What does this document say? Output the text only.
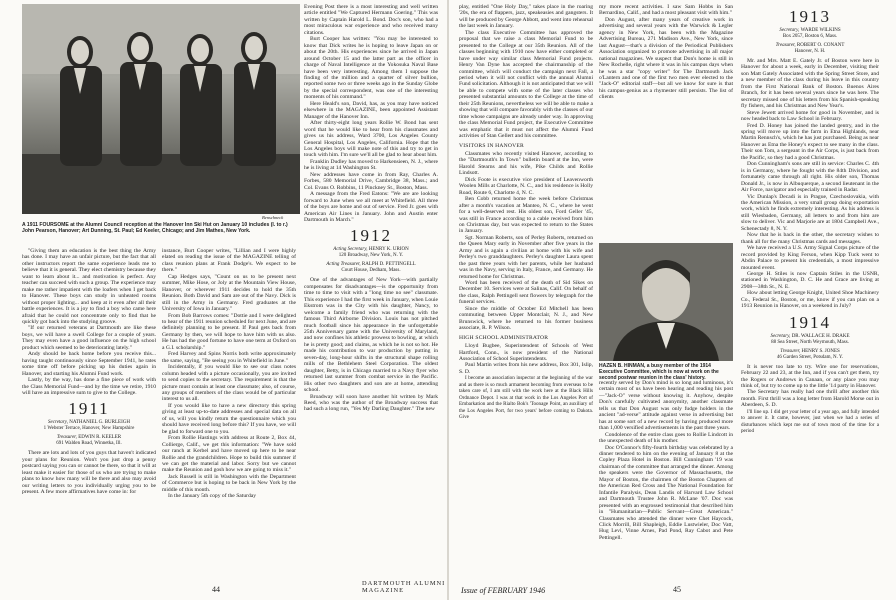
Benschneck
A 1911 FOURSOME at the Alumni Council reception at the Hanover Inn Ski Hut on January 10 includes (l. to r.) John Pearson, Hanover; Art Dunning, St. Paul; Ed Keeler, Chicago; and Jim Mathes, New York.

"Giving them an education is the best thing the Army has done. I may have an unfair picture, but the fact that all other instructors report the same experience leads me to believe that it is general. They elect chemistry because they want to learn about it... and motivation is perfect. Any teacher can succeed with such a group. The experience may make me rather impatient with the loafers when I get back to Hanover. These boys can study in unheated rooms without proper lighting... and keep at it even after all their battle experiences. It is a joy to find a boy who came here afraid that he could not concentrate only to find that he quickly got back into the studying groove.

"If our returned veterans at Dartmouth are like these boys, we will have a swell College for a couple of years. They may even have a good influence on the high school product which seemed to be deteriorating lately."

Andy should be back home before you receive this... having taught continuously since September 1941, he rates some time off before picking up his duties again in Hanover, and starting his Alumni Fund work.

Lastly, by the way, has done a fine piece of work with the Class Memorial Fund—and by the time we retire, 1910 will have an impressive sum to give to the College.

1911
Secretary, NATHANIEL G. BURLEIGH
1 Webster Terrace, Hanover, New Hampshire
Treasurer, EDWIN R. KEELER
691 Walden Road, Winnetka, Ill.

There are lots and lots of you guys that haven't indicated your plans for Reunion. Won't you just drop a penny postcard saying you can or cannot be there, so that it will at least make it easier for those of us who are trying to make plans to know how many will be there and also may avoid our writing letters to you individually urging you to be present. A few more affirmatives have come in: for

instance, Burt Cooper writes, "Lillian and I were highly elated on reading the issue of the MAGAZINE telling of class reunion plans at Frank Dodge's. We expect to be there."

Cap Hedges says, "Count on us to be present next summer, Mike Hose, or Joly at the Mountain View House, Hanover, or wherever 1911 decides to hold the 35th Reunion. Both David and Sam are out of the Navy. Dick is still in the Army in Germany. Fred graduates at the University of Iowa in January."

From Bob Barrows comes: "Dottie and I were delighted to hear of the 1911 reunion scheduled for next June, and are definitely planning to be present. If Paul gets back from Germany by then, we will hope to have him with us also. He has had the good fortune to have one term at Oxford on a G.I. scholarship."

Fred Harvey and Spins Norris both write approximately the same, saying, "Be seeing you in Whitefield in June."

Incidentally, if you would like to see our class notes column headed with a picture occasionally, you are invited to send copies to the secretary. The requirement is that the picture must contain at least one classmate; also, of course, any groups of members of the class would be of particular interest to us all.

If you would like to have a new directory this spring giving at least up-to-date addresses and special data on all of us, will you kindly return the questionnaire which you should have received long before this? If you have, we will be glad to forward one to you.

From Rollie Hastings with address at Route 2, Box 44, Collierge, Calif., we get this information: "We have sold our ranch at Kerbel and have moved up here to be near Rollie and the grandchildren. Hope to build this summer if we can get the material and labor. Sorry but we cannot make the Reunion and gosh how we are going to miss it."

Jack Russell is still in Washington with the Department of Commerce but is hoping to be back in New York by the middle of this month.

In the January 5th copy of the Saturday

Evening Post there is a most interesting and well written article entitled "We Captured Hermann Goering." This was written by Captain Harold L. Bond. Doc's son, who had a most miraculous war experience and who received many citations.

Burt Cooper has written: "You may be interested to know that Dick writes he is hoping to leave Japan on or about the 20th. His experiences since he arrived in Japan around October 15 and the latter part as the officer in charge of Naval Intelligence at the Yokosuka Naval Base have been very interesting. Among them I suppose the finding of the million and a quarter of silver bullion, reported some two or three weeks ago in the Sunday Globe by the special correspondent, was one of the interesting moments of his command."

Here Heald's son, David, has, as you may have noticed elsewhere in the MAGAZINE, been appointed Assistant Manager of the Hanover Inn.

After thirty-eight long years Rollie W. Bond has sent word that he would like to hear from his classmates and gives us his address, Ward 3700, Los Angeles County General Hospital, Los Angeles, California. Hope that the Los Angeles boys will make note of this and try to get in touch with him. I'm sure we'll all be glad to hear about him.

Franklin Dudley has moved to Harkensieen, N. J., where he is living at 14 Washington St.

New addresses have come in from Ray, Charles A. Forbes, 580 Memorial Drive, Cambridge 38, Mass.; and Col. Evans O. Robbins, 11 Pinckney St., Boston, Mass.

A message from the Fred Eatons: "We are are looking forward to June when we all meet at Whitefield. All three of the boys are home and out of service. Fred Jr. goes with American Air Lines in January. John and Austin enter Dartmouth in March."

1912
Acting Secretary, HENRY K. URION
120 Broadway, New York, N. Y.
Acting Treasurer, RALPH D. PETTINGELL
Court House, Dedham, Mass.

One of the advantages of New York—with partially compensates for disadvantages—is the opportunity from time to time to visit with a "long time no see" classmate. This experience I had the first week in January, when Louie Ekstrom was in the City with his daughter, Nancy, to welcome a family friend who was returning with the famous Third Airborne Division. Louis has not pitched much football since his appearance in the unforgettable 25th Anniversary game with the University of Maryland, and now confines his athletic prowess to bowling, at which he is pretty good; and claims, as which he is not so hot. He made his contribution to war production by putting in seven-day, long-hour shifts in the structural shape rolling mills of the Bethlehem Steel Corporation. The oldest daughter, Betty, is in Chicago married to a Navy flyer who returned last summer from combat service in the Pacific. His other two daughters and son are at home, attending school.

Broadway will soon have another hit written by Mark Reed, who was the author of the Broadway success that had such a long run, "Yes My Darling Daughter." The new

44
DARTMOUTH ALUMNI MAGAZINE

play, entitled "One Holy Day," takes place in the roaring '20s, the era of flappers, jazz, speakeasies and gangsters. It will be produced by George Abbott, and went into rehearsal the last week in January.

The class Executive Committee has approved the proposal that we raise a class Memorial Fund to be presented to the College at our 35th Reunion. All of the classes beginning with 1910 now have either completed or have under way similar class Memorial Fund projects. Henry Van Dyne has accepted the chairmanship of the committee, which will conduct the campaign next Fall, a period when it will not conflict with the annual Alumni Fund solicitation. Although it is not anticipated that we will be able to compete with some of the later classes who presented substantial amounts to the College at the time of their 25th Reunions, nevertheless we will be able to make a showing that will compare favorably with the classes of our time whose campaigns are already under way. In approving the class Memorial Fund project, the Executive Committee was emphatic that it must not affect the Alumni Fund activities of Stan Gellert and his committee.

VISITORS IN HANOVER

Classmates who recently visited Hanover, according to the "Dartmouth's In Town" bulletin board at the Inn, were Harold Stearns and his wife, Pike Childs and Rollie Lindsott.

Dick Foote is executive vice president of Leavenworth Woolen Mills at Charlotte, N. C., and his residence is Holly Road, Route 6, Charlotte 4, N. C.

Ben Cobb returned home the week before Christmas after a month's vacation at Manteo, N. C., where he went for a well-deserved rest. His oldest son, Ford Geller '45, was still in France according to a cable received from him on Christmas day, but was expected to return to the States in January.

Sgt. Norman Roberts, son of Perley Roberts, returned on the Queen Mary early in November after five years in the Army and is again a civilian at home with his wife and Perley's two granddaughters. Perley's daughter Laura spent the past three years with her parents, while her husband was in the Navy, serving in Italy, France, and Germany. He returned home for Christmas.

Word has been received of the death of Sid Sikes on December 10. Services were at Salinas, Calif. On behalf of the class, Ralph Pettingell sent flowers by telegraph for the funeral services.

Since the middle of October Ed Mitchell has been commuting between Upper Montclair, N. J., and New Brunswick, where he returned to his former business associate, R. P. Wilson.

HIGH SCHOOL ADMINISTRATOR

Lloyd Bugbee, Superintendent of Schools of West Hartford, Conn., is now president of the National Association of School Superintendents.

Paul Martin writes from his new address, Box 301, Islip, S. D.

I become an association inspector at the beginning of the war and as there is so much armament becoming from overseas to be taken care of, I am still with the work here at the Black Hills Ordnance Depot. I was at that work in the Los Angeles Port of Embarkation and the Rialto Bok's 'Toonage Point, an auxiliary of the Los Angeles Port, for two years' before coming to Dakota. Give

my more recent activities. I saw Sam Hobbs in San Bernardino, Calif., and had a most pleasant visit with him."

Don August, after many years of creative work in advertising and several years with the Warwick & Legler agency in New York, has been with the Magazine Advertising Bureau, 271 Madison Ave., New York, since last August—that's a division of the Periodical Publishers Association organized to promote advertising in all major national magazines. We suspect that Don's home is still in New Rochelle, right where it was in his campus days when he was a star "copy writer" for The Dartmouth Jack o'Lantern and one of the first two men ever elected to the "Jack-O" editorial staff—but all we know for sure is that his campus-genius as a rhymester still persists. The list of clients

HAZEN B. HINMAN, a busy member of the 1914 Executive Committee, which is now at work on the second postwar reunion in the class' history.

recently served by Don's mind is so long and luminous, it's certain most of us have been hearing and reading his post—"Jack-O" verse without knowing it. Anyhow, despite Don's carefully cultivated anonymity, another classmate tells us that Don August was only fudge holders in the ancient "ad-verse" attitude against verse in advertising but has at some sort of a new record by having produced more than 1,000 versified advertisements in the past three years.

Condolence of the entire class goes to Rollie Lindcott in the unexpected death of his mother.

Doc O'Connor's fifty-fourth birthday was celebrated by a dinner tendered to him on the evening of January 8 at the Copley Plaza Hotel in Boston. Bill Cunningham '19 was chairman of the committee that arranged the dinner. Among the speakers were the Governor of Massachusetts, the Mayor of Boston, the chairmen of the Boston Chapters of the American Red Cross and The National Foundation for Infantile Paralysis, Dean Landis of Harvard Law School and Dartmouth Trustee John R. McLane '07. Doc was presented with an engrossed testimonial that described him in "Humanitarian—Public Servant—Great American." Classmates who attended the dinner were Chet Haycock, Click Morrill, Bill Shapleigh, Eddie Lustwieler, Doc Vatt, Hug Levi, Vinne Arnes, Pad Pond, Ray Cabot and Pete Pettingell.

1913
Secretary, WARDE WILKINS
Box 2057, Boston 6, Mass.
Treasurer, ROBERT O. CONANT
Hanover, N. H.

Mr. and Mrs. Matt E. Gately Jr. of Boston were here in Hanover for about a week, early in December, visiting their son Matt Gately Associated with the Spring Street Store, and a new member of the class during his leave in this country from the First National Bank of Boston. Buenos Aires Branch, for it has been several years since he was here. The secretary missed one of his letters from his Spanish-speaking fly fishers, and his Christmas and New Year's.

Steve Jewett arrived home for good in November, and is now headed back to Law School in February.

Fred D. Honey has joined the landed gentry, and in the spring will move up into the farm in Etna Highlands, near Martin Rennsch's, which he has just purchased. Being as near Hanover as Etna the Honey's expect to see many in the class. Their son Tom, a sergeant in the Air Corps, is just back from the Pacific, so they had a good Christmas.

Don Cunningham's sons are still in service: Charles C. 4th is in Germany, where he fought with the 84th Division, and fortunately came through all right. His older son, Thomas Donald Jr., is now in Albuquerque, a second lieutenant in the Air Force, navigator and especially trained in Radar.

Vic Dunlap's Decadi is in Prague, Czechoslovakia, with the American Mission, a very small group doing exportation work, which he finds extremely interesting. As his address is still Wiesbaden, Germany, all letters to and from him are slow to deliver. Vic and Marjorie are at 1804 Campbell Ave., Schenectady 8, N. Y.

Now that he is back in the other, the secretary wishes to thank all for the many Christmas cards and messages.

We have received a U.S. Army Signal Corps picture of the record provided by King Ferson, when Kipp Tuck went to Abdin Palace to present his credentials, a most impressive mounted event.

George H. Stiles is now Captain Stiles in the USNR, stationed in Washington, D. C. He and Grace are living at 2908—38th St., N. E.

How about letting George Knight, United Shoe Machinery Co., Federal St., Boston, or me, know if you can plan on a 1913 Reunion in Hanover, on a weekend in July?

1914
Secretary, DR. WALLACE H. DRAKE
88 Sea Street, North Weymouth, Mass.
Treasurer, HENRY S. JONES
46 Garden Street, Potsdam, N. Y.

It is never too late to try. Wire one for reservations, February 22 and 23, at the Inn, and if you can't get them, try the Rogers or Andrews in Canaan, or any place you may think of, but try to come up to the little '14 party in Hanover.

The Secretary has really had one thrill after another this month. First thrill was a long letter from Harold Morse out in Aberdeen, S. D.

I'll line up. I did get your letter of a year ago, and fully intended to answer it. It came, however, just when we had a series of disturbances which kept me out of town most of the time for a period

Issue of FEBRUARY 1946	45
